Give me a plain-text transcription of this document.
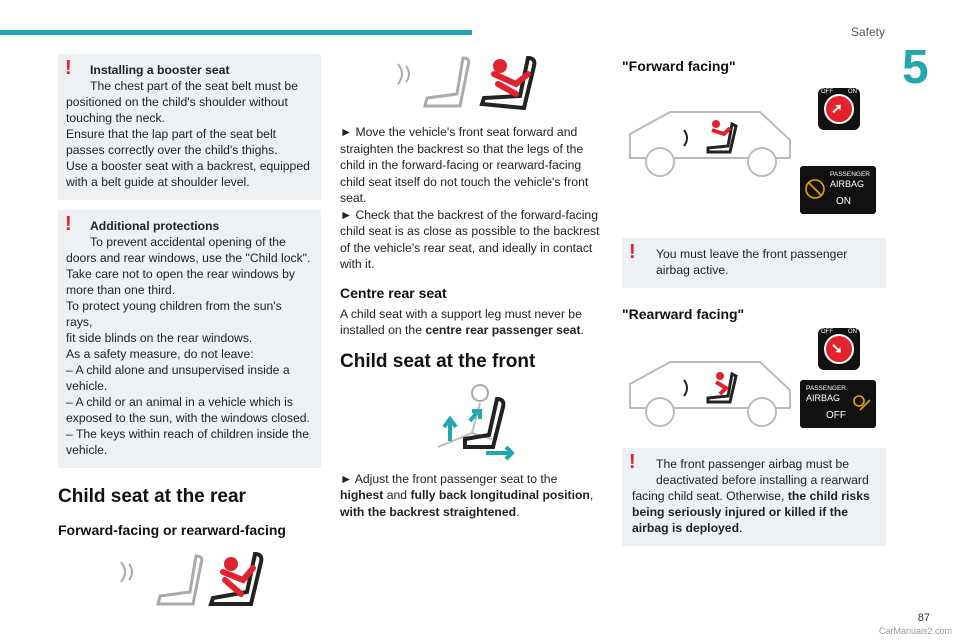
Safety
5
!	Installing a booster seat
The chest part of the seat belt must be
positioned on the child's shoulder without
touching the neck.
Ensure that the lap part of the seat belt
passes correctly over the child's thighs.
Use a booster seat with a backrest, equipped
with a belt guide at shoulder level.
!	Additional protections
To prevent accidental opening of the
doors and rear windows, use the "Child lock".
Take care not to open the rear windows by
more than one third.
To protect young children from the sun's rays,
fit side blinds on the rear windows.
As a safety measure, do not leave:
– A child alone and unsupervised inside a
vehicle.
– A child or an animal in a vehicle which is
exposed to the sun, with the windows closed.
– The keys within reach of children inside the
vehicle.
Child seat at the rear
Forward-facing or rearward-facing
► Move the vehicle's front seat forward and
straighten the backrest so that the legs of the
child in the forward-facing or rearward-facing
child seat itself do not touch the vehicle's front
seat.
► Check that the backrest of the forward-facing
child seat is as close as possible to the backrest
of the vehicle's rear seat, and ideally in contact
with it.
Centre rear seat
A child seat with a support leg must never be
installed on the centre rear passenger seat.
Child seat at the front
► Adjust the front passenger seat to the
highest and fully back longitudinal position,
with the backrest straightened.
"Forward facing"
➚
OFF	ON
PASSENGER
AIRBAG
ON
!	You must leave the front passenger
airbag active.
"Rearward facing"
➘
OFF	ON
PASSENGER
AIRBAG
OFF
!	The front passenger airbag must be
deactivated before installing a rearward
facing child seat. Otherwise, the child risks
being seriously injured or killed if the
airbag is deployed.
87
CarManuals2.com
